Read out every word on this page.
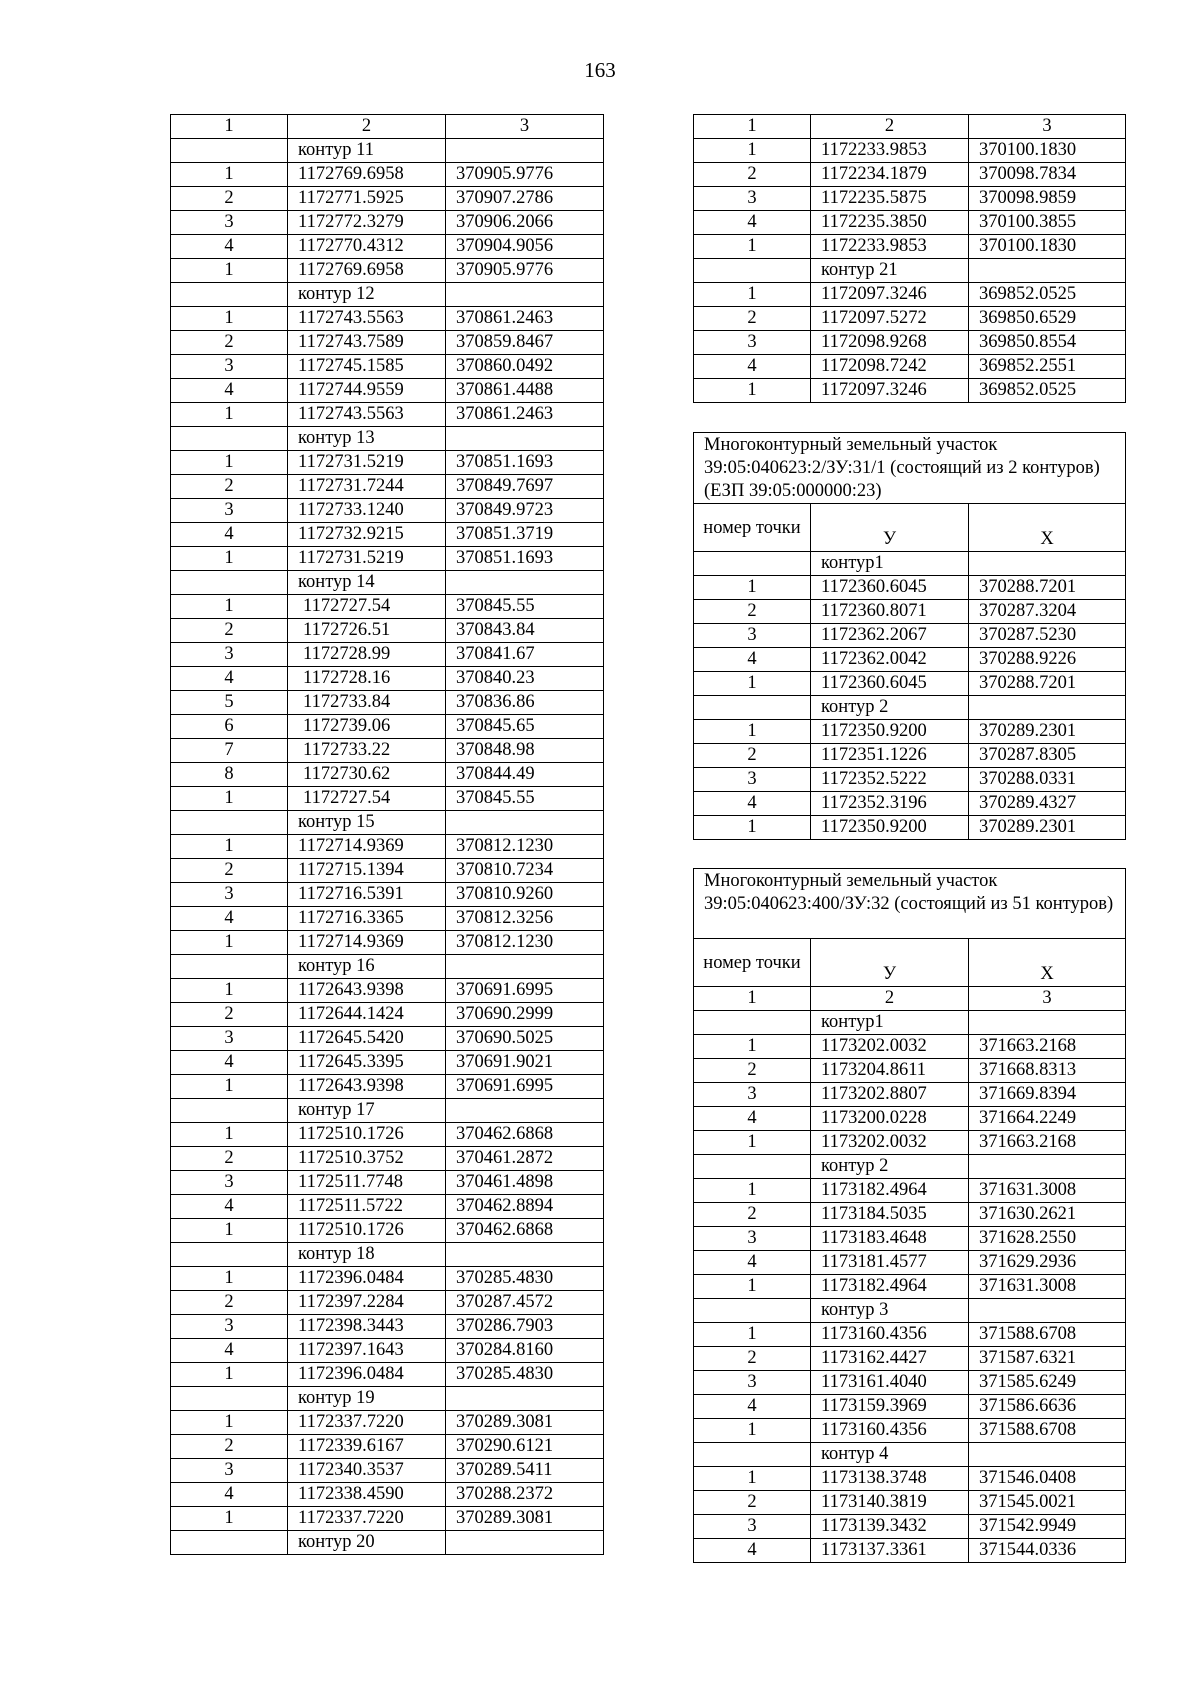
163
1	2	3
	контур 11	
1	1172769.6958	370905.9776
2	1172771.5925	370907.2786
3	1172772.3279	370906.2066
4	1172770.4312	370904.9056
1	1172769.6958	370905.9776
	контур 12	
1	1172743.5563	370861.2463
2	1172743.7589	370859.8467
3	1172745.1585	370860.0492
4	1172744.9559	370861.4488
1	1172743.5563	370861.2463
	контур 13	
1	1172731.5219	370851.1693
2	1172731.7244	370849.7697
3	1172733.1240	370849.9723
4	1172732.9215	370851.3719
1	1172731.5219	370851.1693
	контур 14	
1	1172727.54	370845.55
2	1172726.51	370843.84
3	1172728.99	370841.67
4	1172728.16	370840.23
5	1172733.84	370836.86
6	1172739.06	370845.65
7	1172733.22	370848.98
8	1172730.62	370844.49
1	1172727.54	370845.55
	контур 15	
1	1172714.9369	370812.1230
2	1172715.1394	370810.7234
3	1172716.5391	370810.9260
4	1172716.3365	370812.3256
1	1172714.9369	370812.1230
	контур 16	
1	1172643.9398	370691.6995
2	1172644.1424	370690.2999
3	1172645.5420	370690.5025
4	1172645.3395	370691.9021
1	1172643.9398	370691.6995
	контур 17	
1	1172510.1726	370462.6868
2	1172510.3752	370461.2872
3	1172511.7748	370461.4898
4	1172511.5722	370462.8894
1	1172510.1726	370462.6868
	контур 18	
1	1172396.0484	370285.4830
2	1172397.2284	370287.4572
3	1172398.3443	370286.7903
4	1172397.1643	370284.8160
1	1172396.0484	370285.4830
	контур 19	
1	1172337.7220	370289.3081
2	1172339.6167	370290.6121
3	1172340.3537	370289.5411
4	1172338.4590	370288.2372
1	1172337.7220	370289.3081
	контур 20	
1	2	3
1	1172233.9853	370100.1830
2	1172234.1879	370098.7834
3	1172235.5875	370098.9859
4	1172235.3850	370100.3855
1	1172233.9853	370100.1830
	контур 21	
1	1172097.3246	369852.0525
2	1172097.5272	369850.6529
3	1172098.9268	369850.8554
4	1172098.7242	369852.2551
1	1172097.3246	369852.0525
Многоконтурный земельный участок 39:05:040623:2/ЗУ:31/1 (состоящий из 2 контуров) (ЕЗП 39:05:000000:23)		
номер точки	У	Х
	контур1	
1	1172360.6045	370288.7201
2	1172360.8071	370287.3204
3	1172362.2067	370287.5230
4	1172362.0042	370288.9226
1	1172360.6045	370288.7201
	контур 2	
1	1172350.9200	370289.2301
2	1172351.1226	370287.8305
3	1172352.5222	370288.0331
4	1172352.3196	370289.4327
1	1172350.9200	370289.2301
Многоконтурный земельный участок 39:05:040623:400/ЗУ:32 (состоящий из 51 контуров)		
номер точки	У	Х
1	2	3
	контур1	
1	1173202.0032	371663.2168
2	1173204.8611	371668.8313
3	1173202.8807	371669.8394
4	1173200.0228	371664.2249
1	1173202.0032	371663.2168
	контур 2	
1	1173182.4964	371631.3008
2	1173184.5035	371630.2621
3	1173183.4648	371628.2550
4	1173181.4577	371629.2936
1	1173182.4964	371631.3008
	контур 3	
1	1173160.4356	371588.6708
2	1173162.4427	371587.6321
3	1173161.4040	371585.6249
4	1173159.3969	371586.6636
1	1173160.4356	371588.6708
	контур 4	
1	1173138.3748	371546.0408
2	1173140.3819	371545.0021
3	1173139.3432	371542.9949
4	1173137.3361	371544.0336
